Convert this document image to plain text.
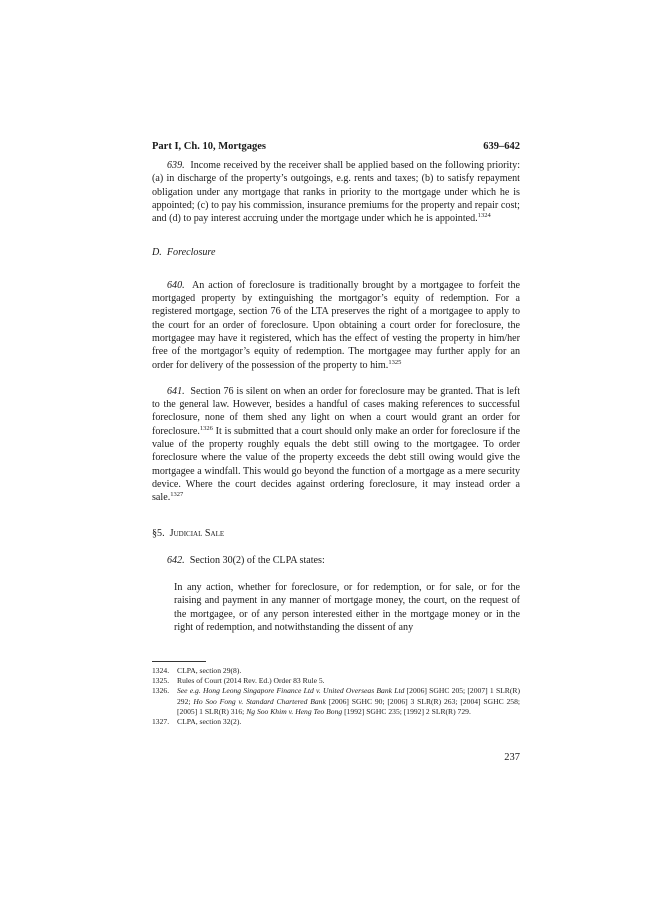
Part I, Ch. 10, Mortgages	639–642

639. Income received by the receiver shall be applied based on the following priority: (a) in discharge of the property’s outgoings, e.g. rents and taxes; (b) to satisfy repayment obligation under any mortgage that ranks in priority to the mortgage under which he is appointed; (c) to pay his commission, insurance premiums for the property and repair cost; and (d) to pay interest accruing under the mortgage under which he is appointed.$^{1324}$

D. Foreclosure

640. An action of foreclosure is traditionally brought by a mortgagee to forfeit the mortgaged property by extinguishing the mortgagor’s equity of redemption. For a registered mortgage, section 76 of the LTA preserves the right of a mortgagee to apply to the court for an order of foreclosure. Upon obtaining a court order for foreclosure, the mortgagee may have it registered, which has the effect of vesting the property in him/her free of the mortgagor’s equity of redemption. The mortgagee may further apply for an order for delivery of the possession of the property to him.$^{1325}$

641. Section 76 is silent on when an order for foreclosure may be granted. That is left to the general law. However, besides a handful of cases making references to successful foreclosure, none of them shed any light on when a court would grant an order for foreclosure.$^{1326}$ It is submitted that a court should only make an order for foreclosure if the value of the property roughly equals the debt still owing to the mortgagee. To order foreclosure where the value of the property exceeds the debt still owing would give the mortgagee a windfall. This would go beyond the function of a mortgage as a mere security device. Where the court decides against ordering foreclosure, it may instead order a sale.$^{1327}$

§5. Judicial Sale

642. Section 30(2) of the CLPA states:

In any action, whether for foreclosure, or for redemption, or for sale, or for the raising and payment in any manner of mortgage money, the court, on the request of the mortgagee, or of any person interested either in the mortgage money or in the right of redemption, and notwithstanding the dissent of any
1324.	CLPA, section 29(8).
1325.	Rules of Court (2014 Rev. Ed.) Order 83 Rule 5.
1326.	See e.g. Hong Leong Singapore Finance Ltd v. United Overseas Bank Ltd [2006] SGHC 205; [2007] 1 SLR(R) 292; Ho Soo Fong v. Standard Chartered Bank [2006] SGHC 90; [2006] 3 SLR(R) 263; [2004] SGHC 258; [2005] 1 SLR(R) 316; Ng Soo Khim v. Heng Teo Bong [1992] SGHC 235; [1992] 2 SLR(R) 729.
1327.	CLPA, section 32(2).
237
